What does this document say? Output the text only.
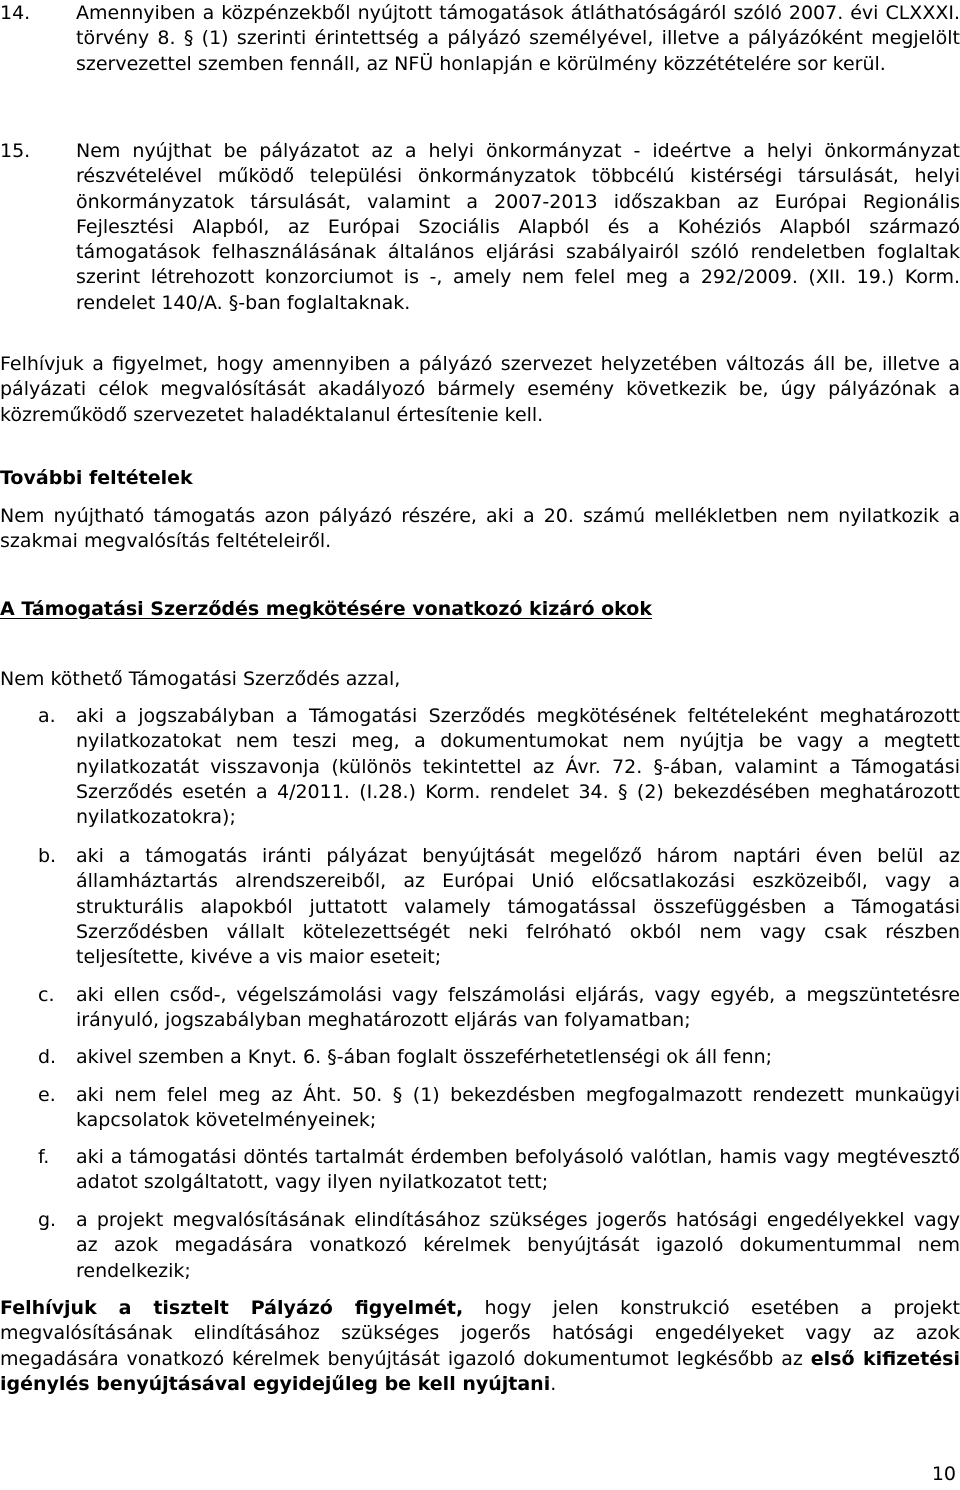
14. Amennyiben a közpénzekből nyújtott támogatások átláthatóságáról szóló 2007. évi CLXXXI. törvény 8. § (1) szerinti érintettség a pályázó személyével, illetve a pályázóként megjelölt szervezettel szemben fennáll, az NFÜ honlapján e körülmény közzétételére sor kerül.
15. Nem nyújthat be pályázatot az a helyi önkormányzat - ideértve a helyi önkormányzat részvételével működő települési önkormányzatok többcélú kistérségi társulását, helyi önkormányzatok társulását, valamint a 2007-2013 időszakban az Európai Regionális Fejlesztési Alapból, az Európai Szociális Alapból és a Kohéziós Alapból származó támogatások felhasználásának általános eljárási szabályairól szóló rendeletben foglaltak szerint létrehozott konzorciumot is -, amely nem felel meg a 292/2009. (XII. 19.) Korm. rendelet 140/A. §-ban foglaltaknak.
Felhívjuk a figyelmet, hogy amennyiben a pályázó szervezet helyzetében változás áll be, illetve a pályázati célok megvalósítását akadályozó bármely esemény következik be, úgy pályázónak a közreműködő szervezetet haladéktalanul értesítenie kell.
További feltételek
Nem nyújtható támogatás azon pályázó részére, aki a 20. számú mellékletben nem nyilatkozik a szakmai megvalósítás feltételeiről.
A Támogatási Szerződés megkötésére vonatkozó kizáró okok
Nem köthető Támogatási Szerződés azzal,
a. aki a jogszabályban a Támogatási Szerződés megkötésének feltételeként meghatározott nyilatkozatokat nem teszi meg, a dokumentumokat nem nyújtja be vagy a megtett nyilatkozatát visszavonja (különös tekintettel az Ávr. 72. §-ában, valamint a Támogatási Szerződés esetén a 4/2011. (I.28.) Korm. rendelet 34. § (2) bekezdésében meghatározott nyilatkozatokra);
b. aki a támogatás iránti pályázat benyújtását megelőző három naptári éven belül az államháztartás alrendszereiből, az Európai Unió előcsatlakozási eszközeiből, vagy a strukturális alapokból juttatott valamely támogatással összefüggésben a Támogatási Szerződésben vállalt kötelezettségét neki felróható okból nem vagy csak részben teljesítette, kivéve a vis maior eseteit;
c. aki ellen csőd-, végelszámolási vagy felszámolási eljárás, vagy egyéb, a megszüntetésre irányuló, jogszabályban meghatározott eljárás van folyamatban;
d. akivel szemben a Knyt. 6. §-ában foglalt összeférhetetlenségi ok áll fenn;
e. aki nem felel meg az Áht. 50. § (1) bekezdésben megfogalmazott rendezett munkaügyi kapcsolatok követelményeinek;
f. aki a támogatási döntés tartalmát érdemben befolyásoló valótlan, hamis vagy megtévesztő adatot szolgáltatott, vagy ilyen nyilatkozatot tett;
g. a projekt megvalósításának elindításához szükséges jogerős hatósági engedélyekkel vagy az azok megadására vonatkozó kérelmek benyújtását igazoló dokumentummal nem rendelkezik;
Felhívjuk a tisztelt Pályázó figyelmét, hogy jelen konstrukció esetében a projekt megvalósításának elindításához szükséges jogerős hatósági engedélyeket vagy az azok megadására vonatkozó kérelmek benyújtását igazoló dokumentumot legkésőbb az első kifizetési igénylés benyújtásával egyidejűleg be kell nyújtani.
10
